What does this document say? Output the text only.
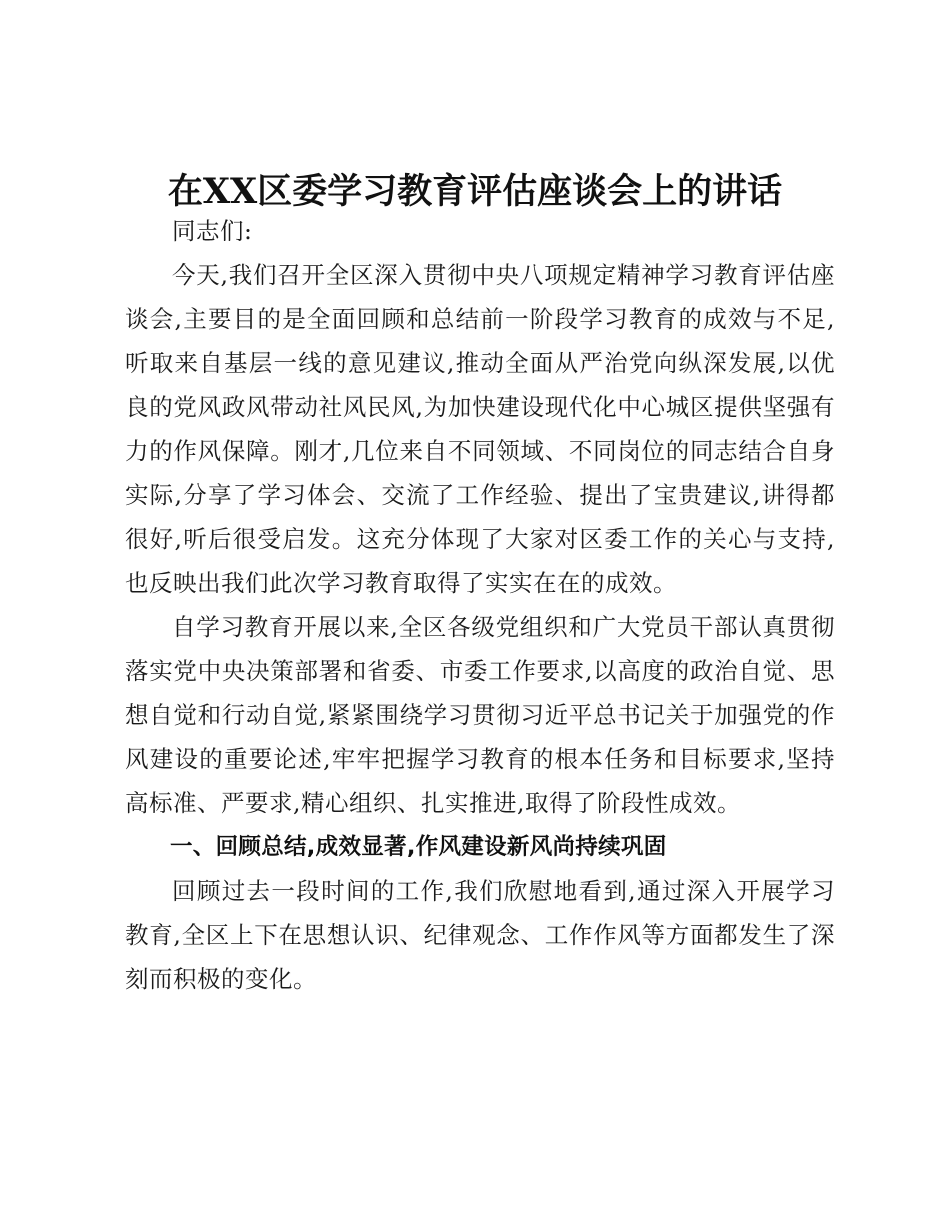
在XX区委学习教育评估座谈会上的讲话

同志们:

今天,我们召开全区深入贯彻中央八项规定精神学习教育评估座谈会,主要目的是全面回顾和总结前一阶段学习教育的成效与不足,听取来自基层一线的意见建议,推动全面从严治党向纵深发展,以优良的党风政风带动社风民风,为加快建设现代化中心城区提供坚强有力的作风保障。刚才,几位来自不同领域、不同岗位的同志结合自身实际,分享了学习体会、交流了工作经验、提出了宝贵建议,讲得都很好,听后很受启发。这充分体现了大家对区委工作的关心与支持,也反映出我们此次学习教育取得了实实在在的成效。

自学习教育开展以来,全区各级党组织和广大党员干部认真贯彻落实党中央决策部署和省委、市委工作要求,以高度的政治自觉、思想自觉和行动自觉,紧紧围绕学习贯彻习近平总书记关于加强党的作风建设的重要论述,牢牢把握学习教育的根本任务和目标要求,坚持高标准、严要求,精心组织、扎实推进,取得了阶段性成效。

一、回顾总结,成效显著,作风建设新风尚持续巩固

回顾过去一段时间的工作,我们欣慰地看到,通过深入开展学习教育,全区上下在思想认识、纪律观念、工作作风等方面都发生了深刻而积极的变化。
